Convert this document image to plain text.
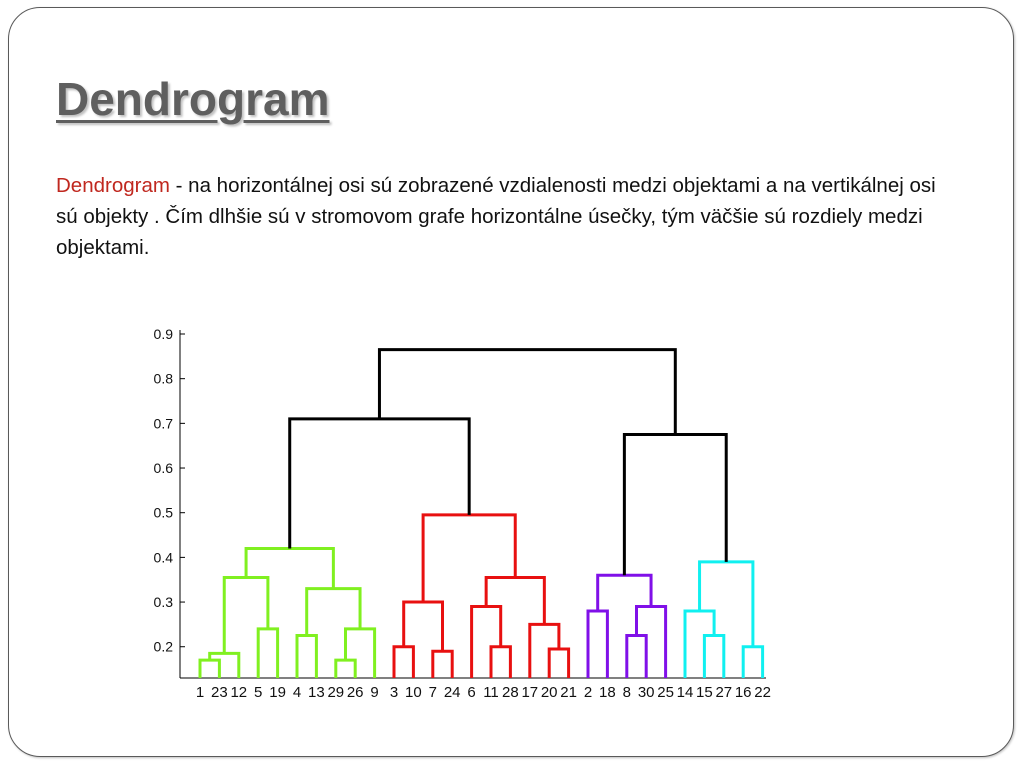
Dendrogram

Dendrogram - na horizontálnej osi sú zobrazené vzdialenosti medzi objektami a na vertikálnej osi sú objekty . Čím dlhšie sú v stromovom grafe horizontálne úsečky, tým väčšie sú rozdiely medzi objektami.

0.2
0.3
0.4
0.5
0.6
0.7
0.8
0.9
1 23 12 5 19 4 13 29 26 9 3 10 7 24 6 11 28 17 20 21 2 18 8 30 25 14 15 27 16 22
